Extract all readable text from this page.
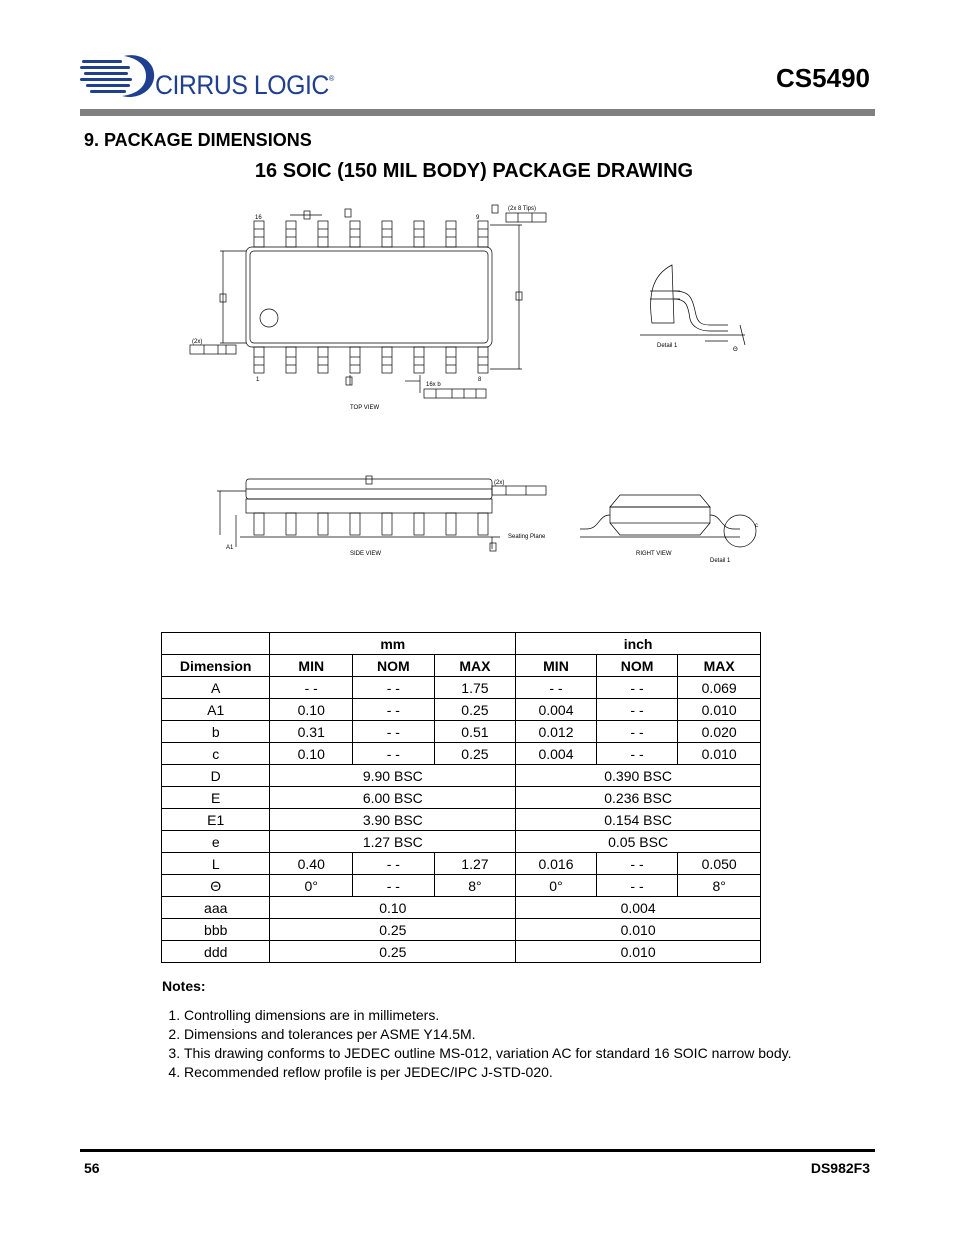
CIRRUS LOGIC®	CS5490
9. PACKAGE DIMENSIONS
16 SOIC (150 MIL BODY) PACKAGE DRAWING
16	9
1	8
(2x 8 Tips)
(2x)
16x b
TOP VIEW
Detail 1
Θ
A1
(2x)
Seating Plane
SIDE VIEW
c
RIGHT VIEW
Detail 1
	mm			inch		
Dimension	MIN	NOM	MAX	MIN	NOM	MAX
A	- -	- -	1.75	- -	- -	0.069
A1	0.10	- -	0.25	0.004	- -	0.010
b	0.31	- -	0.51	0.012	- -	0.020
c	0.10	- -	0.25	0.004	- -	0.010
D	9.90 BSC			0.390 BSC		
E	6.00 BSC			0.236 BSC		
E1	3.90 BSC			0.154 BSC		
e	1.27 BSC			0.05 BSC		
L	0.40	- -	1.27	0.016	- -	0.050
Θ	0°	- -	8°	0°	- -	8°
aaa	0.10			0.004		
bbb	0.25			0.010		
ddd	0.25			0.010		
Notes:
1. Controlling dimensions are in millimeters.
2. Dimensions and tolerances per ASME Y14.5M.
3. This drawing conforms to JEDEC outline MS-012, variation AC for standard 16 SOIC narrow body.
4. Recommended reflow profile is per JEDEC/IPC J-STD-020.
56	DS982F3
